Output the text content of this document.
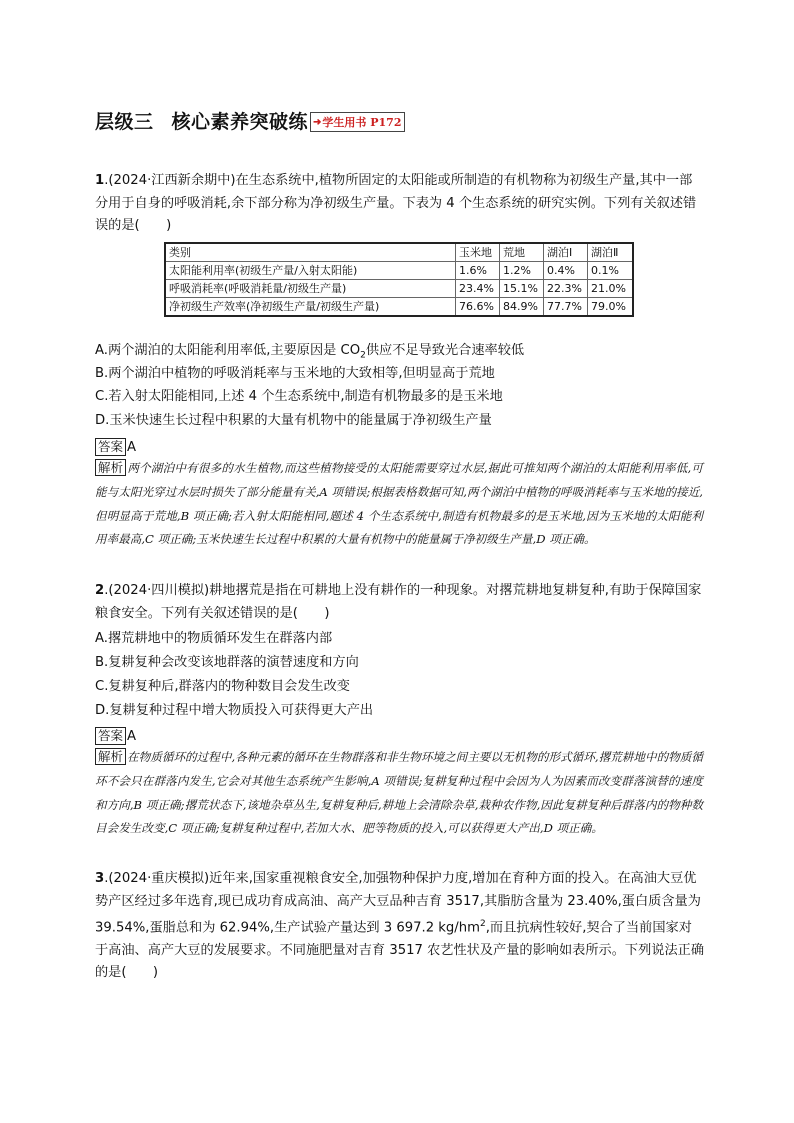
层级三 核心素养突破练 ➜ 学生用书 P172
1.(2024·江西新余期中)在生态系统中,植物所固定的太阳能或所制造的有机物称为初级生产量,其中一部分用于自身的呼吸消耗,余下部分称为净初级生产量。下表为 4 个生态系统的研究实例。下列有关叙述错误的是(　　)
类别	玉米地	荒地	湖泊Ⅰ	湖泊Ⅱ
太阳能利用率(初级生产量/入射太阳能)	1.6%	1.2%	0.4%	0.1%
呼吸消耗率(呼吸消耗量/初级生产量)	23.4%	15.1%	22.3%	21.0%
净初级生产效率(净初级生产量/初级生产量)	76.6%	84.9%	77.7%	79.0%
A.两个湖泊的太阳能利用率低,主要原因是 $CO_2$供应不足导致光合速率较低
B.两个湖泊中植物的呼吸消耗率与玉米地的大致相等,但明显高于荒地
C.若入射太阳能相同,上述 4 个生态系统中,制造有机物最多的是玉米地
D.玉米快速生长过程中积累的大量有机物中的能量属于净初级生产量
答案 A
解析 两个湖泊中有很多的水生植物,而这些植物接受的太阳能需要穿过水层,据此可推知两个湖泊的太阳能利用率低,可能与太阳光穿过水层时损失了部分能量有关,A 项错误;根据表格数据可知,两个湖泊中植物的呼吸消耗率与玉米地的接近,但明显高于荒地,B 项正确;若入射太阳能相同,题述 4 个生态系统中,制造有机物最多的是玉米地,因为玉米地的太阳能利用率最高,C 项正确;玉米快速生长过程中积累的大量有机物中的能量属于净初级生产量,D 项正确。
2.(2024·四川模拟)耕地撂荒是指在可耕地上没有耕作的一种现象。对撂荒耕地复耕复种,有助于保障国家粮食安全。下列有关叙述错误的是(　　)
A.撂荒耕地中的物质循环发生在群落内部
B.复耕复种会改变该地群落的演替速度和方向
C.复耕复种后,群落内的物种数目会发生改变
D.复耕复种过程中增大物质投入可获得更大产出
答案 A
解析 在物质循环的过程中,各种元素的循环在生物群落和非生物环境之间主要以无机物的形式循环,撂荒耕地中的物质循环不会只在群落内发生,它会对其他生态系统产生影响,A 项错误;复耕复种过程中会因为人为因素而改变群落演替的速度和方向,B 项正确;撂荒状态下,该地杂草丛生,复耕复种后,耕地上会清除杂草,栽种农作物,因此复耕复种后群落内的物种数目会发生改变,C 项正确;复耕复种过程中,若加大水、肥等物质的投入,可以获得更大产出,D 项正确。
3.(2024·重庆模拟)近年来,国家重视粮食安全,加强物种保护力度,增加在育种方面的投入。在高油大豆优势产区经过多年选育,现已成功育成高油、高产大豆品种吉育 3517,其脂肪含量为 23.40%,蛋白质含量为 39.54%,蛋脂总和为 62.94%,生产试验产量达到 3 697.2 $kg/hm^2$,而且抗病性较好,契合了当前国家对于高油、高产大豆的发展要求。不同施肥量对吉育 3517 农艺性状及产量的影响如表所示。下列说法正确的是(　　)
